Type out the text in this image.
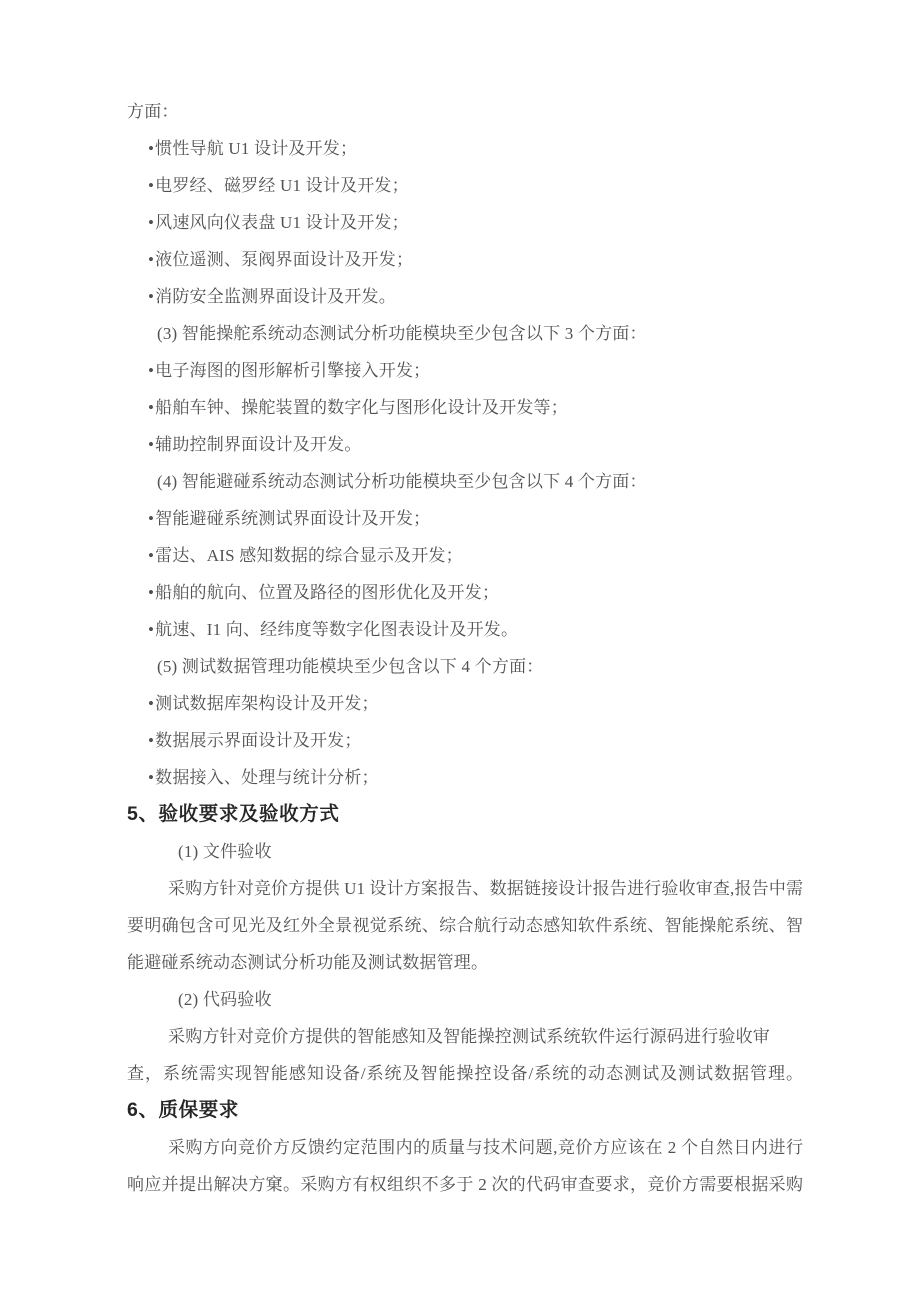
方面：
•惯性导航 U1 设计及开发；
•电罗经、磁罗经 U1 设计及开发；
•风速风向仪表盘 U1 设计及开发；
•液位遥测、泵阀界面设计及开发；
•消防安全监测界面设计及开发。
(3) 智能操舵系统动态测试分析功能模块至少包含以下 3 个方面：
•电子海图的图形解析引擎接入开发；
•船舶车钟、操舵装置的数字化与图形化设计及开发等；
•辅助控制界面设计及开发。
(4) 智能避碰系统动态测试分析功能模块至少包含以下 4 个方面：
•智能避碰系统测试界面设计及开发；
•雷达、AIS 感知数据的综合显示及开发；
•船舶的航向、位置及路径的图形优化及开发；
•航速、I1 向、经纬度等数字化图表设计及开发。
(5) 测试数据管理功能模块至少包含以下 4 个方面：
•测试数据库架构设计及开发；
•数据展示界面设计及开发；
•数据接入、处理与统计分析；
5、验收要求及验收方式
(1) 文件验收
采购方针对竞价方提供 U1 设计方案报告、数据链接设计报告进行验收审查,报告中需
要明确包含可见光及红外全景视觉系统、综合航行动态感知软件系统、智能操舵系统、智
能避碰系统动态测试分析功能及测试数据管理。
(2) 代码验收
采购方针对竞价方提供的智能感知及智能操控测试系统软件运行源码进行验收审
查，系统需实现智能感知设备/系统及智能操控设备/系统的动态测试及测试数据管理。
6、质保要求
采购方向竞价方反馈约定范围内的质量与技术问题,竞价方应该在 2 个自然日内进行
响应并提出解决方窠。采购方有权组织不多于 2 次的代码审查要求，竞价方需要根据采购
